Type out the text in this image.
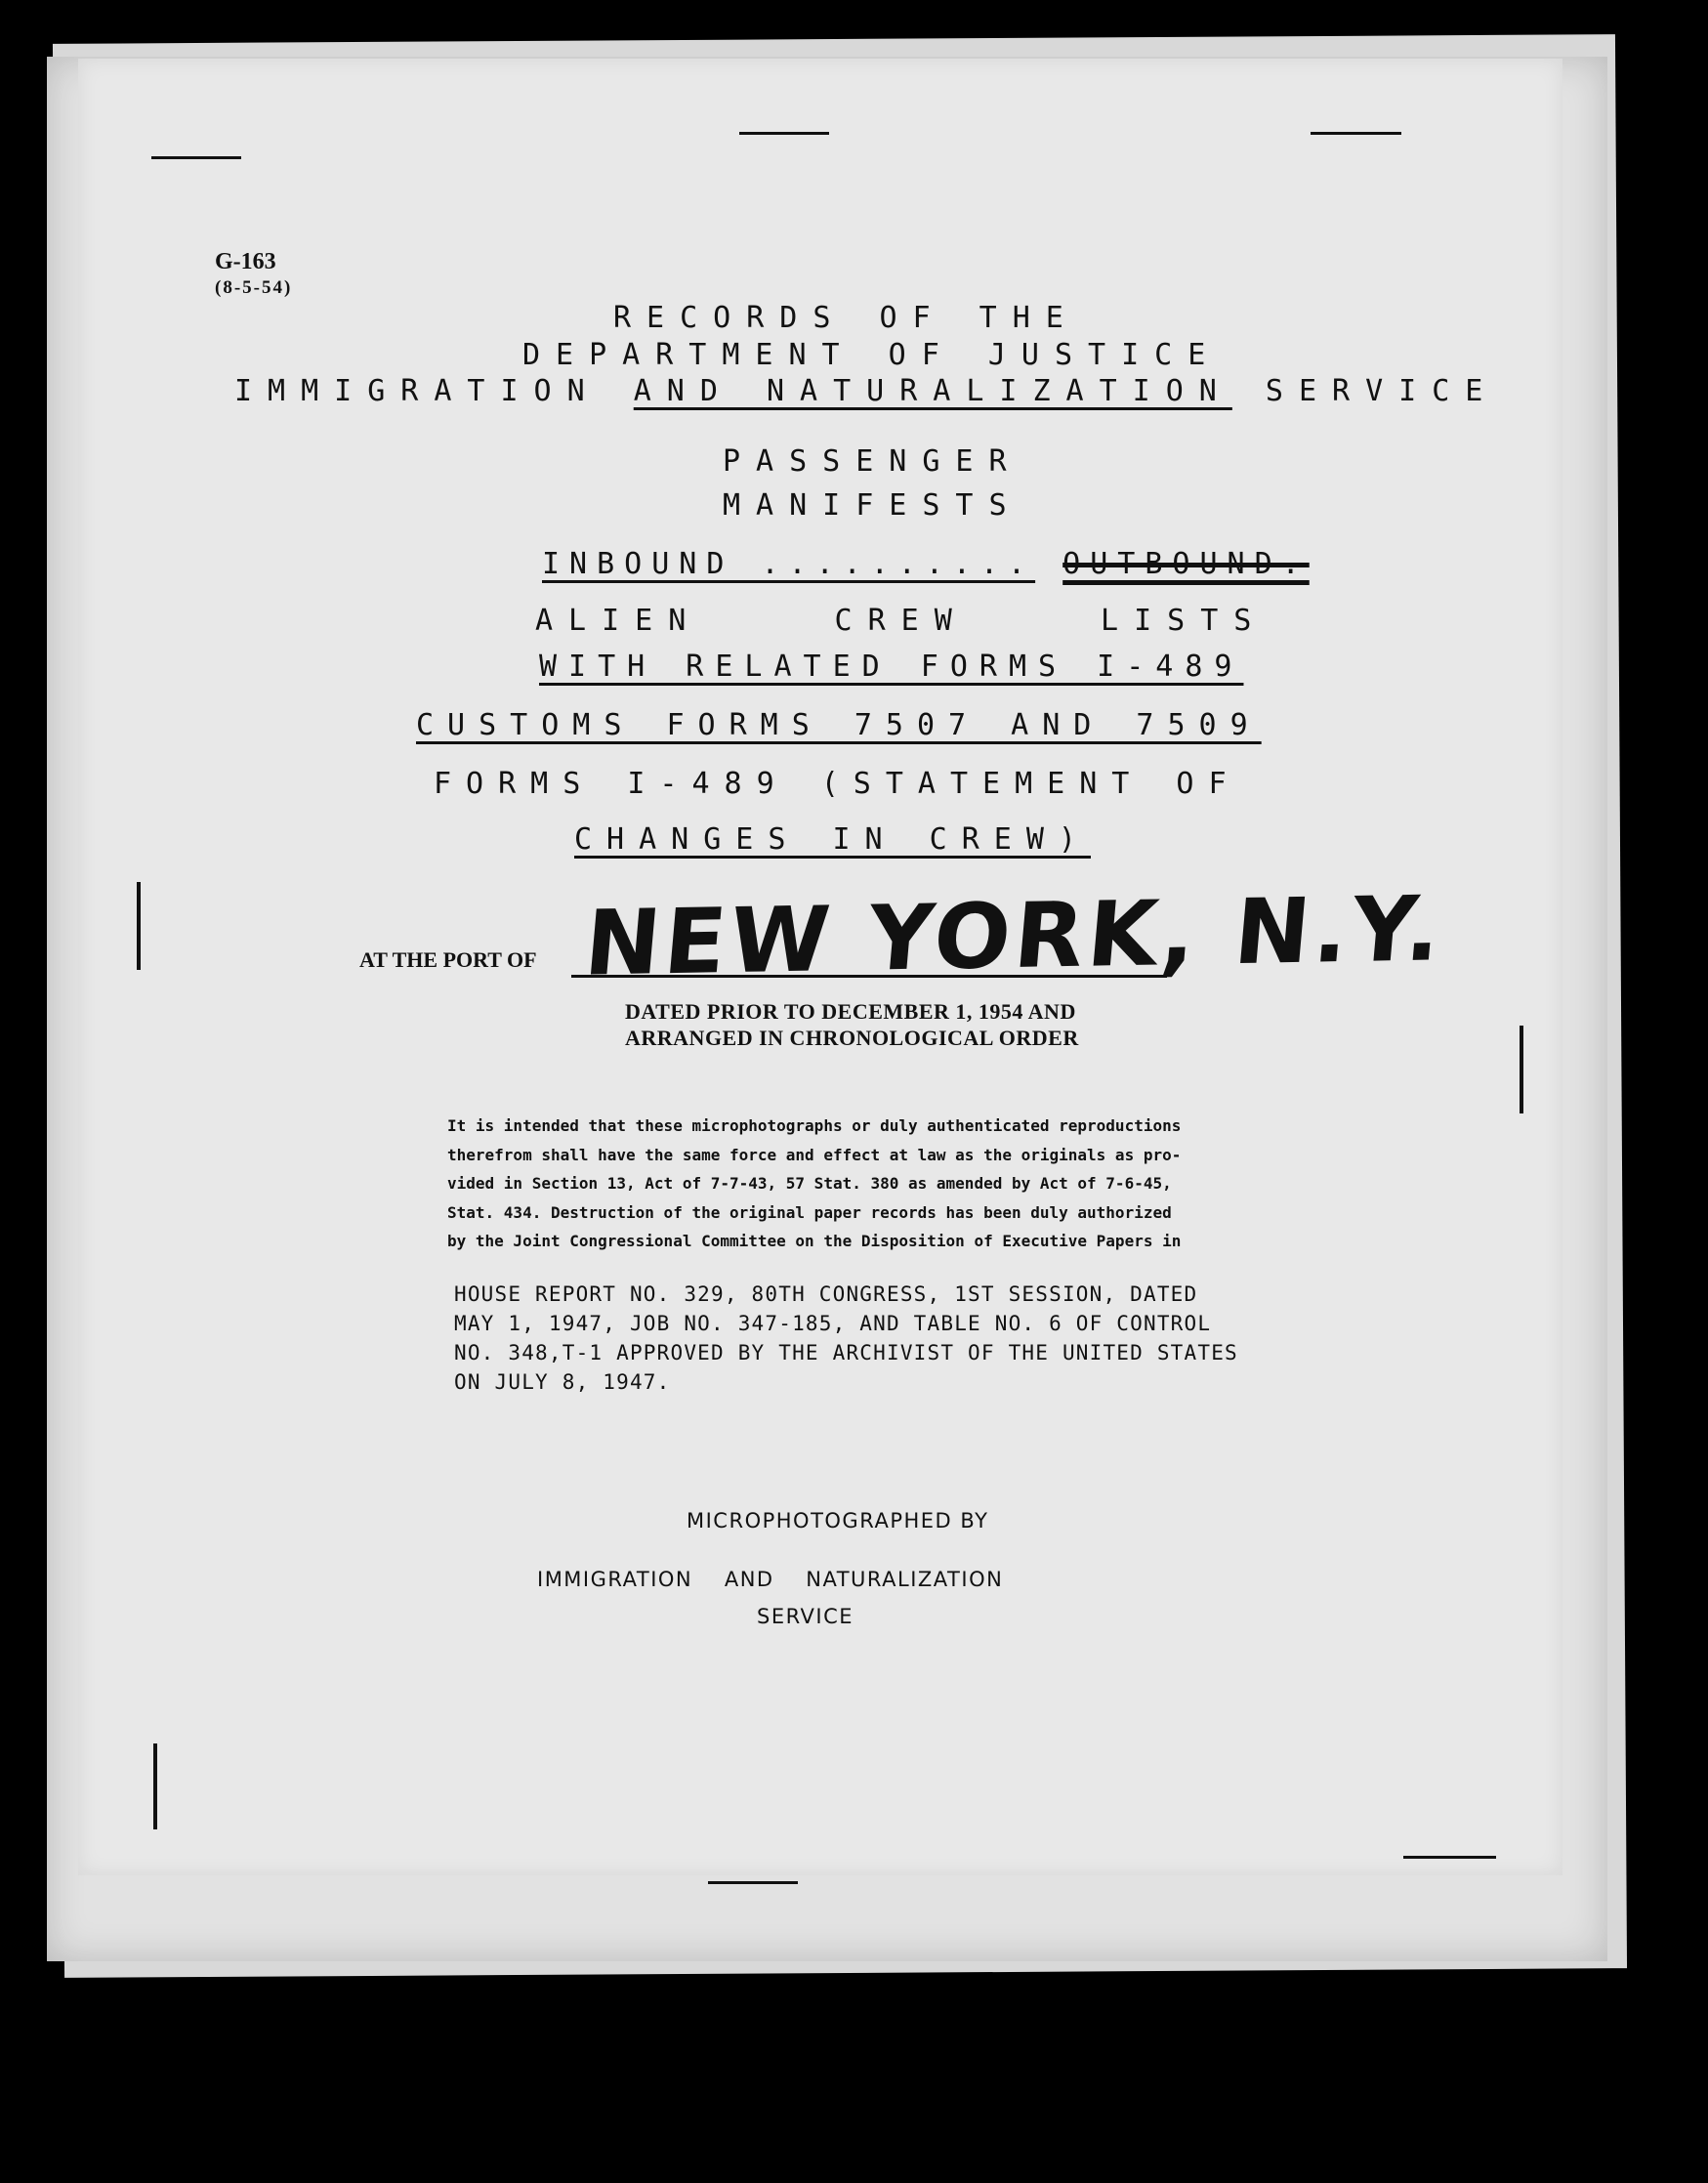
G-163
(8-5-54)
RECORDS OF THE
DEPARTMENT OF JUSTICE
IMMIGRATION AND NATURALIZATION SERVICE
PASSENGER
MANIFESTS
INBOUND .......... OUTBOUND.
ALIEN    CREW    LISTS
WITH RELATED FORMS I-489
CUSTOMS FORMS 7507 AND 7509
FORMS I-489 (STATEMENT OF
CHANGES IN CREW)
AT THE PORT OF NEW YORK, N.Y.
DATED PRIOR TO DECEMBER 1, 1954 AND
ARRANGED IN CHRONOLOGICAL ORDER
It is intended that these microphotographs or duly authenticated reproductions
therefrom shall have the same force and effect at law as the originals as pro-
vided in Section 13, Act of 7-7-43, 57 Stat. 380 as amended by Act of 7-6-45,
Stat. 434. Destruction of the original paper records has been duly authorized
by the Joint Congressional Committee on the Disposition of Executive Papers in
HOUSE REPORT NO. 329, 80TH CONGRESS, 1ST SESSION, DATED
MAY 1, 1947, JOB NO. 347-185, AND TABLE NO. 6 OF CONTROL
NO. 348,T-1 APPROVED BY THE ARCHIVIST OF THE UNITED STATES
ON JULY 8, 1947.
MICROPHOTOGRAPHED BY
IMMIGRATION    AND    NATURALIZATION
SERVICE
